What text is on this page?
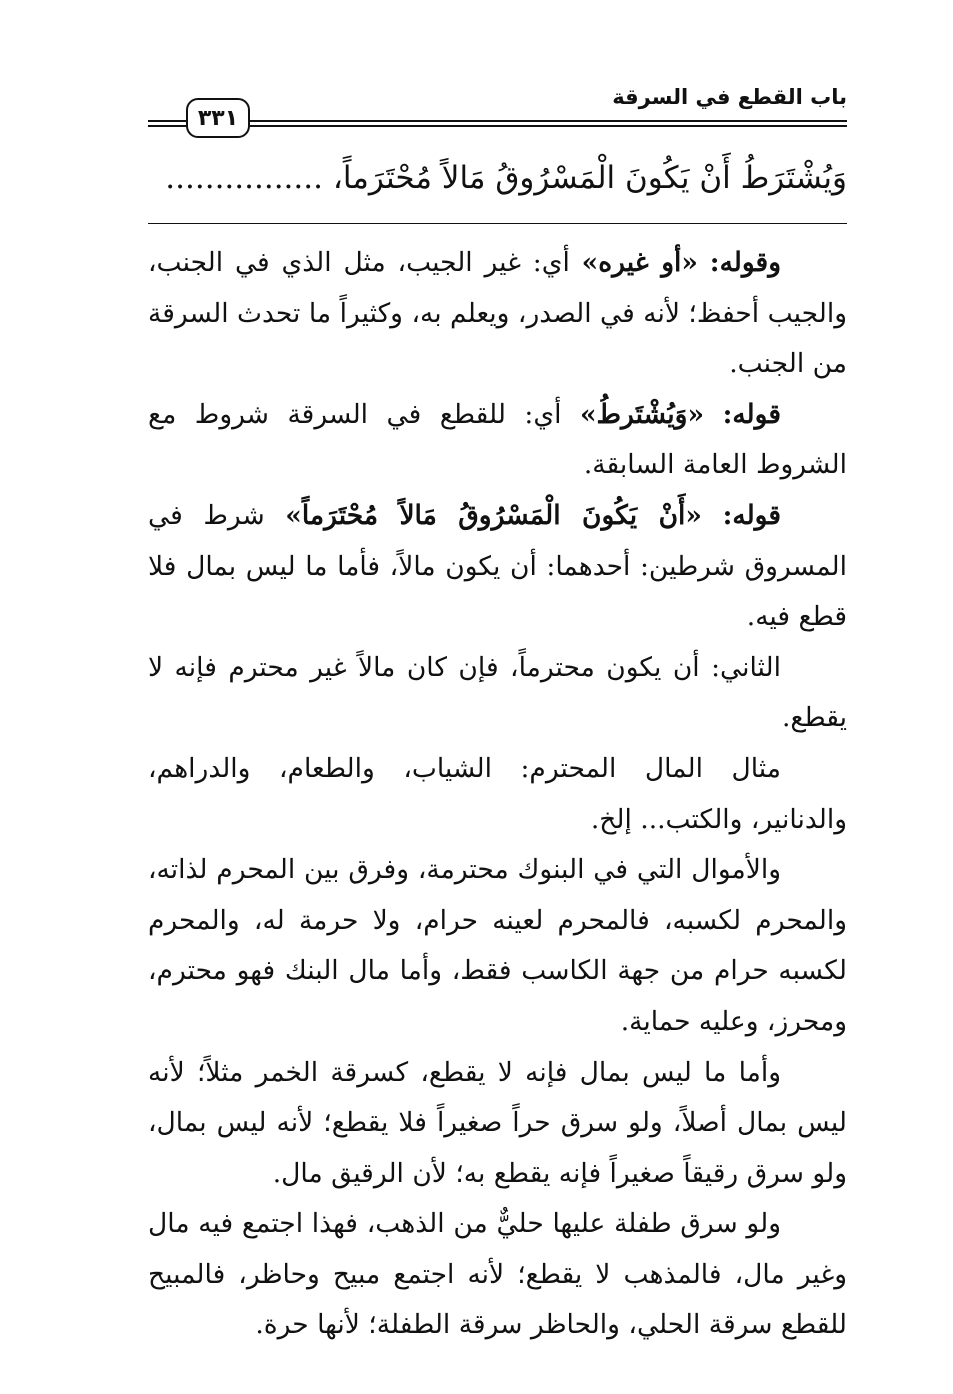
باب القطع في السرقة
٣٣١
وَيُشْتَرَطُ أَنْ يَكُونَ الْمَسْرُوقُ مَالاً مُحْتَرَماً، ................

وقوله: «أو غيره» أي: غير الجيب، مثل الذي في الجنب، والجيب أحفظ؛ لأنه في الصدر، ويعلم به، وكثيراً ما تحدث السرقة من الجنب.

قوله: «وَيُشْتَرطُ» أي: للقطع في السرقة شروط مع الشروط العامة السابقة.

قوله: «أَنْ يَكُونَ الْمَسْرُوقُ مَالاً مُحْتَرَماً» شرط في المسروق شرطين: أحدهما: أن يكون مالاً، فأما ما ليس بمال فلا قطع فيه.

الثاني: أن يكون محترماً، فإن كان مالاً غير محترم فإنه لا يقطع.

مثال المال المحترم: الشياب، والطعام، والدراهم، والدنانير، والكتب... إلخ.

والأموال التي في البنوك محترمة، وفرق بين المحرم لذاته، والمحرم لكسبه، فالمحرم لعينه حرام، ولا حرمة له، والمحرم لكسبه حرام من جهة الكاسب فقط، وأما مال البنك فهو محترم، ومحرز، وعليه حماية.

وأما ما ليس بمال فإنه لا يقطع، كسرقة الخمر مثلاً؛ لأنه ليس بمال أصلاً، ولو سرق حراً صغيراً فلا يقطع؛ لأنه ليس بمال، ولو سرق رقيقاً صغيراً فإنه يقطع به؛ لأن الرقيق مال.

ولو سرق طفلة عليها حليٌّ من الذهب، فهذا اجتمع فيه مال وغير مال، فالمذهب لا يقطع؛ لأنه اجتمع مبيح وحاظر، فالمبيح للقطع سرقة الحلي، والحاظر سرقة الطفلة؛ لأنها حرة.
